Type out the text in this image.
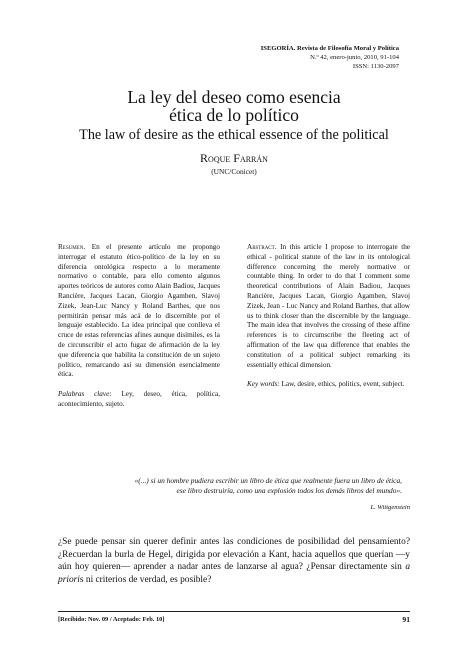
ISEGORÍA. Revista de Filosofía Moral y Política
N.º 42, enero-junio, 2010, 91-104
ISSN: 1130-2097
La ley del deseo como esencia
ética de lo político
The law of desire as the ethical essence of the political
Roque Farrán
(UNC/Conicet)
Resumen. En el presente artículo me propongo interrogar el estatuto ético-político de la ley en su diferencia ontológica respecto a lo meramente normativo o contable, para ello comento algunos aportes teóricos de autores como Alain Badiou, Jacques Rancière, Jacques Lacan, Giorgio Agamben, Slavoj Zizek, Jean-Luc Nancy y Roland Barthes, que nos permitirán pensar más acá de lo discernible por el lenguaje establecido. La idea principal que conlleva el cruce de estas referencias afines aunque disímiles, es la de circunscribir el acto fugaz de afirmación de la ley que diferencia que habilita la constitución de un sujeto político, remarcando así su dimensión esencialmente ética.
Palabras clave: Ley, deseo, ética, política, acontecimiento, sujeto.
Abstract. In this article I propose to interrogate the ethical - political statute of the law in its ontological difference concerning the merely normative or countable thing. In order to do that I comment some theoretical contributions of Alain Badiou, Jacques Rancière, Jacques Lacan, Giorgio Agamben, Slavoj Zizek, Jean - Luc Nancy and Roland Barthes, that allow us to think closer than the discernible by the language. The main idea that involves the crossing of these affine references is to circumscribe the fleeting act of affirmation of the law qua difference that enables the constitution of a political subject remarking its essentially ethical dimension.
Key words: Law, desire, ethics, politics, event, subject.
«(...) si un hombre pudiera escribir un libro de ética que realmente fuera un libro de ética,
ese libro destruiría, como una explosión todos los demás libros del mundo».
L. Wittgenstein
¿Se puede pensar sin querer definir antes las condiciones de posibilidad del pensamiento? ¿Recuerdan la burla de Hegel, dirigida por elevación a Kant, hacia aquellos que querían —y aún hoy quieren— aprender a nadar antes de lanzarse al agua? ¿Pensar directamente sin a prioris ni criterios de verdad, es posible?
[Recibido: Nov. 09 / Aceptado: Feb. 10]	91
